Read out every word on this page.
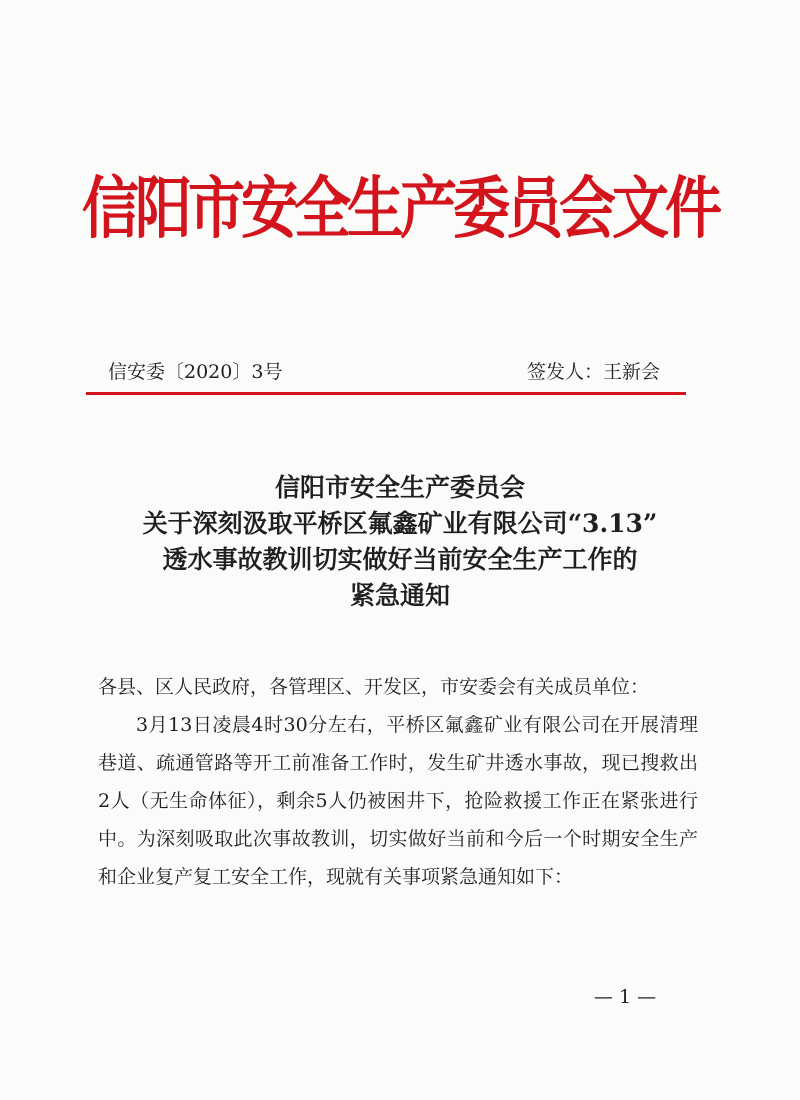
信阳市安全生产委员会文件
信安委〔2020〕3号	签发人：王新会
信阳市安全生产委员会
关于深刻汲取平桥区氟鑫矿业有限公司“3.13”
透水事故教训切实做好当前安全生产工作的
紧急通知
各县、区人民政府，各管理区、开发区，市安委会有关成员单位：
3月13日凌晨4时30分左右，平桥区氟鑫矿业有限公司在开展清理巷道、疏通管路等开工前准备工作时，发生矿井透水事故，现已搜救出2人（无生命体征），剩余5人仍被困井下，抢险救援工作正在紧张进行中。为深刻吸取此次事故教训，切实做好当前和今后一个时期安全生产和企业复产复工安全工作，现就有关事项紧急通知如下：
— 1 —
